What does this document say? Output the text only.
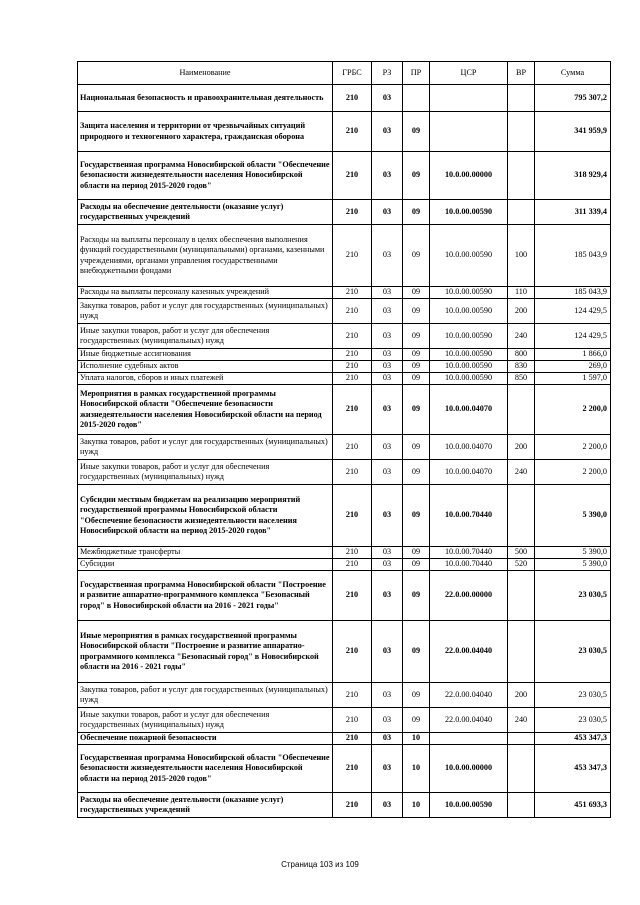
Наименование	ГРБС	РЗ	ПР	ЦСР	ВР	Сумма
Национальная безопасность и правоохранительная деятельность	210	03				795 307,2
Защита населения и территории от чрезвычайных ситуаций природного и техногенного характера, гражданская оборона	210	03	09			341 959,9
Государственная программа Новосибирской области "Обеспечение безопасности жизнедеятельности населения Новосибирской области на период 2015-2020 годов"	210	03	09	10.0.00.00000		318 929,4
Расходы на обеспечение деятельности (оказание услуг) государственных учреждений	210	03	09	10.0.00.00590		311 339,4
Расходы на выплаты персоналу в целях обеспечения выполнения функций государственными (муниципальными) органами, казенными учреждениями, органами управления государственными внебюджетными фондами	210	03	09	10.0.00.00590	100	185 043,9
Расходы на выплаты персоналу казенных учреждений	210	03	09	10.0.00.00590	110	185 043,9
Закупка товаров, работ и услуг для государственных (муниципальных) нужд	210	03	09	10.0.00.00590	200	124 429,5
Иные закупки товаров, работ и услуг для обеспечения государственных (муниципальных) нужд	210	03	09	10.0.00.00590	240	124 429,5
Иные бюджетные ассигнования	210	03	09	10.0.00.00590	800	1 866,0
Исполнение судебных актов	210	03	09	10.0.00.00590	830	269,0
Уплата налогов, сборов и иных платежей	210	03	09	10.0.00.00590	850	1 597,0
Мероприятия в рамках государственной программы Новосибирской области "Обеспечение безопасности жизнедеятельности населения Новосибирской области на период 2015-2020 годов"	210	03	09	10.0.00.04070		2 200,0
Закупка товаров, работ и услуг для государственных (муниципальных) нужд	210	03	09	10.0.00.04070	200	2 200,0
Иные закупки товаров, работ и услуг для обеспечения государственных (муниципальных) нужд	210	03	09	10.0.00.04070	240	2 200,0
Субсидии местным бюджетам на реализацию мероприятий государственной программы Новосибирской области "Обеспечение безопасности жизнедеятельности населения Новосибирской области на период 2015-2020 годов"	210	03	09	10.0.00.70440		5 390,0
Межбюджетные трансферты	210	03	09	10.0.00.70440	500	5 390,0
Субсидии	210	03	09	10.0.00.70440	520	5 390,0
Государственная программа Новосибирской области "Построение и развитие аппаратно-программного комплекса "Безопасный город" в Новосибирской области на 2016 - 2021 годы"	210	03	09	22.0.00.00000		23 030,5
Иные мероприятия в рамках государственной программы Новосибирской области "Построение и развитие аппаратно-программного комплекса "Безопасный город" в Новосибирской области на 2016 - 2021 годы"	210	03	09	22.0.00.04040		23 030,5
Закупка товаров, работ и услуг для государственных (муниципальных) нужд	210	03	09	22.0.00.04040	200	23 030,5
Иные закупки товаров, работ и услуг для обеспечения государственных (муниципальных) нужд	210	03	09	22.0.00.04040	240	23 030,5
Обеспечение пожарной безопасности	210	03	10			453 347,3
Государственная программа Новосибирской области "Обеспечение безопасности жизнедеятельности населения Новосибирской области на период 2015-2020 годов"	210	03	10	10.0.00.00000		453 347,3
Расходы на обеспечение деятельности (оказание услуг) государственных учреждений	210	03	10	10.0.00.00590		451 693,3
Страница 103 из 109
